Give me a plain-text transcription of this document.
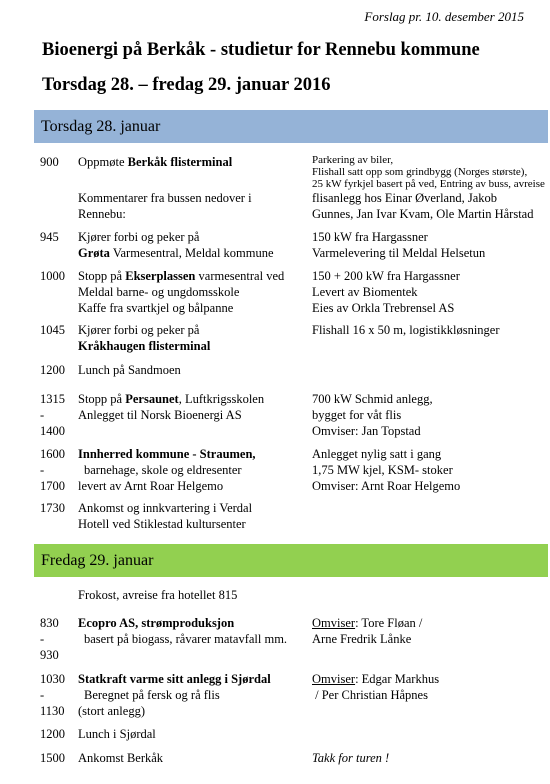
Forslag pr. 10. desember 2015
Bioenergi på Berkåk - studietur for Rennebu kommune
Torsdag 28. – fredag 29. januar 2016
Torsdag 28. januar
900 Oppmøte Berkåk flisterminal
Kommentarer fra bussen nedover i
Rennebu:
Parkering av biler,
Flishall satt opp som grindbygg (Norges største),
25 kW fyrkjel basert på ved, Entring av buss, avreise
flisanlegg hos Einar Øverland, Jakob
Gunnes, Jan Ivar Kvam, Ole Martin Hårstad
945 Kjører forbi og peker på
Grøta Varmesentral, Meldal kommune
150 kW fra Hargassner
Varmelevering til Meldal Helsetun
1000 Stopp på Ekserplassen varmesentral ved
Meldal barne- og ungdomsskole
Kaffe fra svartkjel og bålpanne
150 + 200 kW fra Hargassner
Levert av Biomentek
Eies av Orkla Trebrensel AS
1045 Kjører forbi og peker på
Kråkhaugen flisterminal
Flishall 16 x 50 m, logistikkløsninger
1200 Lunch på Sandmoen
1315
-
1400
Stopp på Persaunet, Luftkrigsskolen
Anlegget til Norsk Bioenergi AS
700 kW Schmid anlegg,
bygget for våt flis
Omviser: Jan Topstad
1600
-
1700
Innherred kommune - Straumen,
barnehage, skole og eldresenter
levert av Arnt Roar Helgemo
Anlegget nylig satt i gang
1,75 MW kjel, KSM- stoker
Omviser: Arnt Roar Helgemo
1730 Ankomst og innkvartering i Verdal
Hotell ved Stiklestad kultursenter
Fredag 29. januar
Frokost, avreise fra hotellet 815
830
-
930
Ecopro AS, strømproduksjon
basert på biogass, råvarer matavfall mm.
Omviser: Tore Fløan /
Arne Fredrik Lånke
1030
-
1130
Statkraft varme sitt anlegg i Sjørdal
Beregnet på fersk og rå flis
(stort anlegg)
Omviser: Edgar Markhus
/ Per Christian Håpnes
1200 Lunch i Sjørdal
1500 Ankomst Berkåk	Takk for turen !
